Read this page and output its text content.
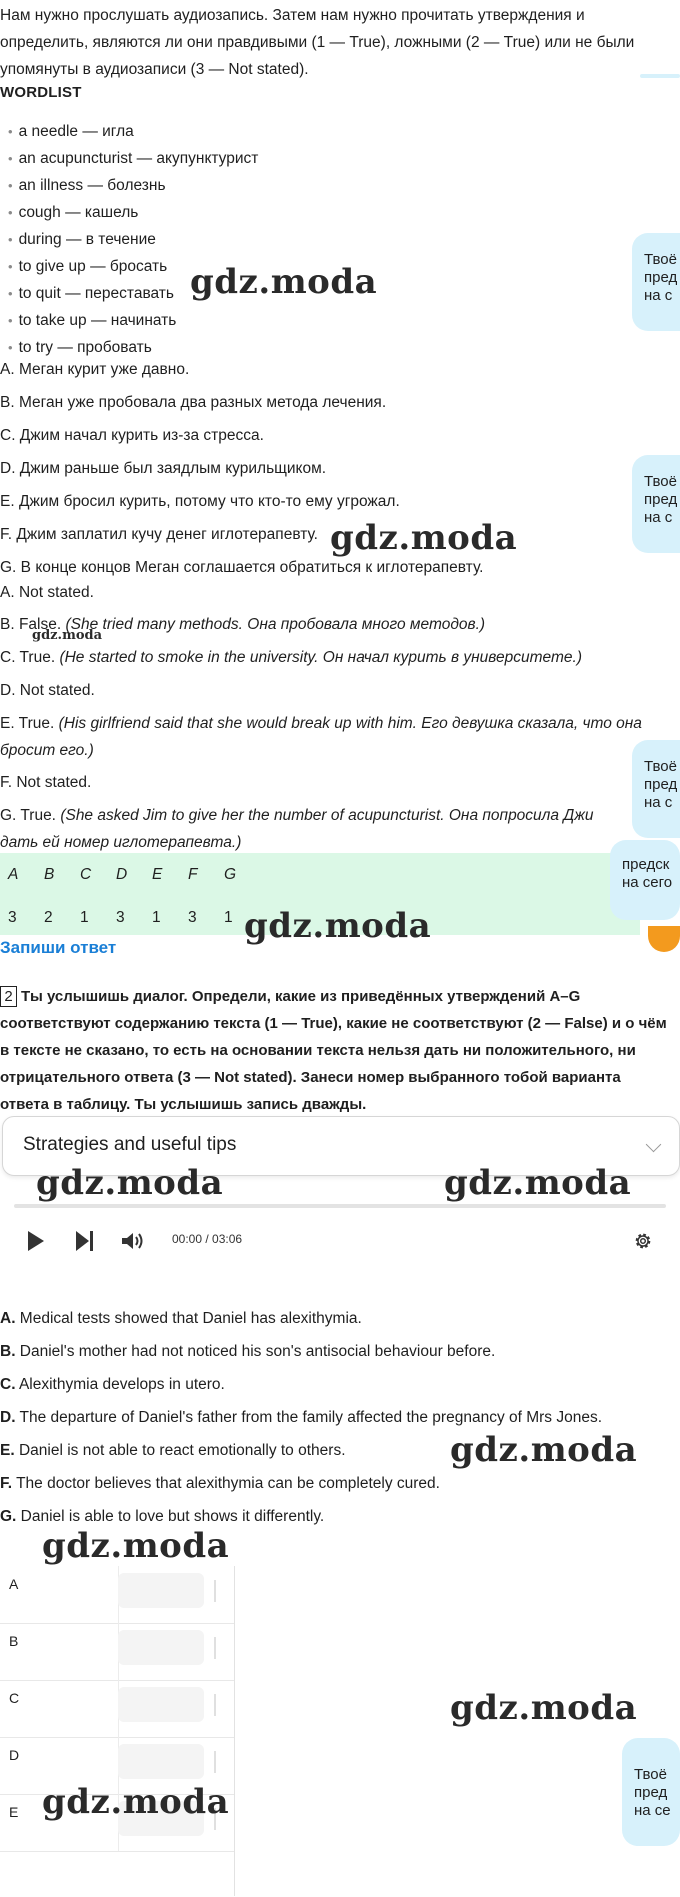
Нам нужно прослушать аудиозапись. Затем нам нужно прочитать утверждения и определить, являются ли они правдивыми (1 — True), ложными (2 — True) или не были упомянуты в аудиозаписи (3 — Not stated).
WORDLIST
• a needle — игла
• an acupuncturist — акупунктурист
• an illness — болезнь
• cough — кашель
• during — в течение
• to give up — бросать
• to quit — переставать
• to take up — начинать
• to try — пробовать
A. Меган курит уже давно.
B. Меган уже пробовала два разных метода лечения.
C. Джим начал курить из-за стресса.
D. Джим раньше был заядлым курильщиком.
E. Джим бросил курить, потому что кто-то ему угрожал.
F. Джим заплатил кучу денег иглотерапевту.
G. В конце концов Меган соглашается обратиться к иглотерапевту.
A. Not stated.
B. False. (She tried many methods. Она пробовала много методов.)
C. True. (He started to smoke in the university. Он начал курить в университете.)
D. Not stated.
E. True. (His girlfriend said that she would break up with him. Его девушка сказала, что она
бросит его.)
F. Not stated.
G. True. (She asked Jim to give her the number of acupuncturist. Она попросила Джи
дать ей номер иглотерапевта.)
A	B	C	D	E	F	G
3	2	1	3	1	3	1
Запиши ответ
2 Ты услышишь диалог. Определи, какие из приведённых утверждений A–G соответствуют содержанию текста (1 — True), какие не соответствуют (2 — False) и о чём в тексте не сказано, то есть на основании текста нельзя дать ни положительного, ни отрицательного ответа (3 — Not stated). Занеси номер выбранного тобой варианта ответа в таблицу. Ты услышишь запись дважды.
Strategies and useful tips
00:00 / 03:06
A. Medical tests showed that Daniel has alexithymia.
B. Daniel's mother had not noticed his son's antisocial behaviour before.
C. Alexithymia develops in utero.
D. The departure of Daniel's father from the family affected the pregnancy of Mrs Jones.
E. Daniel is not able to react emotionally to others.
F. The doctor believes that alexithymia can be completely cured.
G. Daniel is able to love but shows it differently.
A
B
C
D
E
Твоё
пред
на с
Твоё
пред
на с
Твоё
пред
на с
предск
на сего
Твоё
пред
на се
gdz.moda
gdz.moda
gdz.moda
gdz.moda
gdz.moda	gdz.moda
gdz.moda
gdz.moda
gdz.moda
gdz.moda
